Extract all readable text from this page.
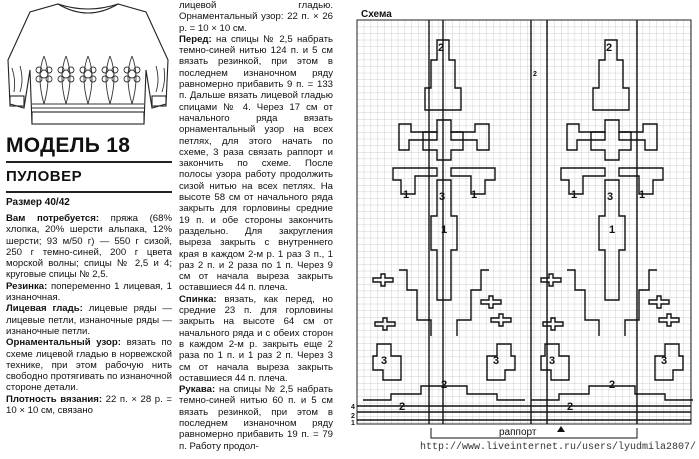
МОДЕЛЬ 18
ПУЛОВЕР
Размер 40/42

Вам потребуется: пряжа (68% хлопка, 20% шерсти альпака, 12% шерсти; 93 м/50 г) — 550 г сизой, 250 г темно-синей, 200 г цвета морской волны; спицы № 2,5 и 4; круговые спицы № 2,5.

Резинка: попеременно 1 лицевая, 1 изнаночная.

Лицевая гладь: лицевые ряды — лицевые петли, изнаночные ряды — изнаночные петли.

Орнаментальный узор: вязать по схеме лицевой гладью в норвежской технике, при этом рабочую нить свободно протягивать по изнаночной стороне детали.

Плотность вязания: 22 п. × 28 р. = 10 × 10 см, связано

лицевой гладью. Орнаментальный узор: 22 п. × 26 р. = 10 × 10 см.

Перед: на спицы № 2,5 набрать темно-синей нитью 124 п. и 5 см вязать резинкой, при этом в последнем изнаночном ряду равномерно прибавить 9 п. = 133 п. Дальше вязать лицевой гладью спицами № 4. Через 17 см от начального ряда вязать орнаментальный узор на всех петлях, для этого начать по схеме, 3 раза связать раппорт и закончить по схеме. После полосы узора работу продолжить сизой нитью на всех петлях. На высоте 58 см от начального ряда закрыть для горловины средние 19 п. и обе стороны закончить раздельно. Для закругления выреза закрыть с внутреннего края в каждом 2-м р. 1 раз 3 п., 1 раз 2 п. и 2 раза по 1 п. Через 9 см от начала выреза закрыть оставшиеся 44 п. плеча.

Спинка: вязать, как перед, но средние 23 п. для горловины закрыть на высоте 64 см от начального ряда и с обеих сторон в каждом 2-м р. закрыть еще 2 раза по 1 п. и 1 раз 2 п. Через 3 см от начала выреза закрыть оставшиеся 44 п. плеча.

Рукава: на спицы № 2,5 набрать темно-синей нитью 60 п. и 5 см вязать резинкой, при этом в последнем изнаночном ряду равномерно прибавить 19 п. = 79 п. Работу продол-

2	2
1	3 1	1	3 1
1	1
3	3	3	3
2	2
2	2
4
2
1
2
раппорт
Схема
http://www.liveinternet.ru/users/lyudmila2807/
